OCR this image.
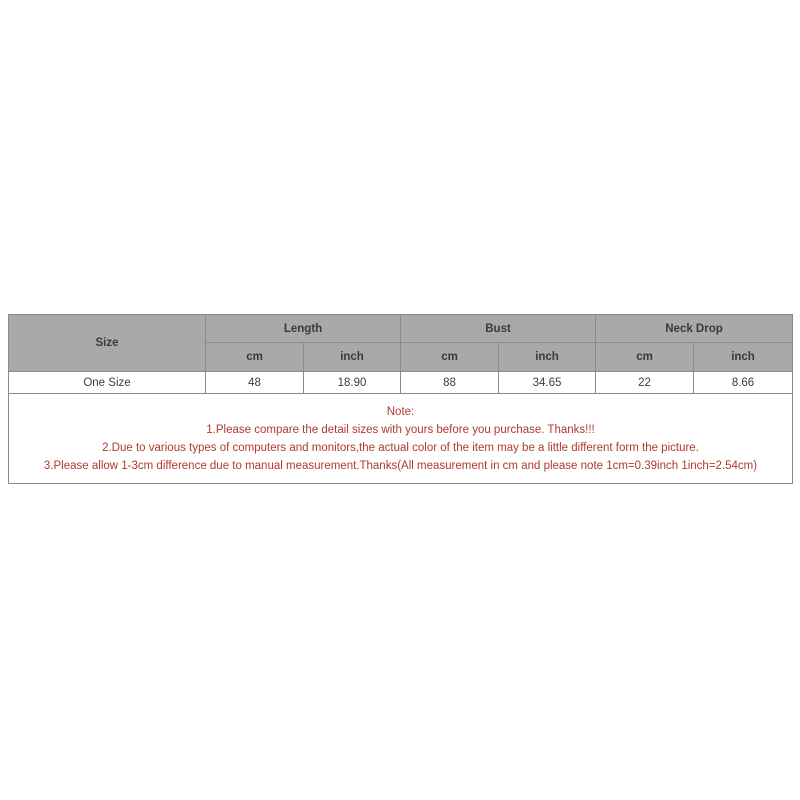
Size	Length		Bust		Neck Drop	
	cm	inch	cm	inch	cm	inch
One Size	48	18.90	88	34.65	22	8.66

Note:
1.Please compare the detail sizes with yours before you purchase. Thanks!!!
2.Due to various types of computers and monitors,the actual color of the item may be a little different form the picture.
3.Please allow 1-3cm difference due to manual measurement.Thanks(All measurement in cm and please note 1cm=0.39inch 1inch=2.54cm)						
